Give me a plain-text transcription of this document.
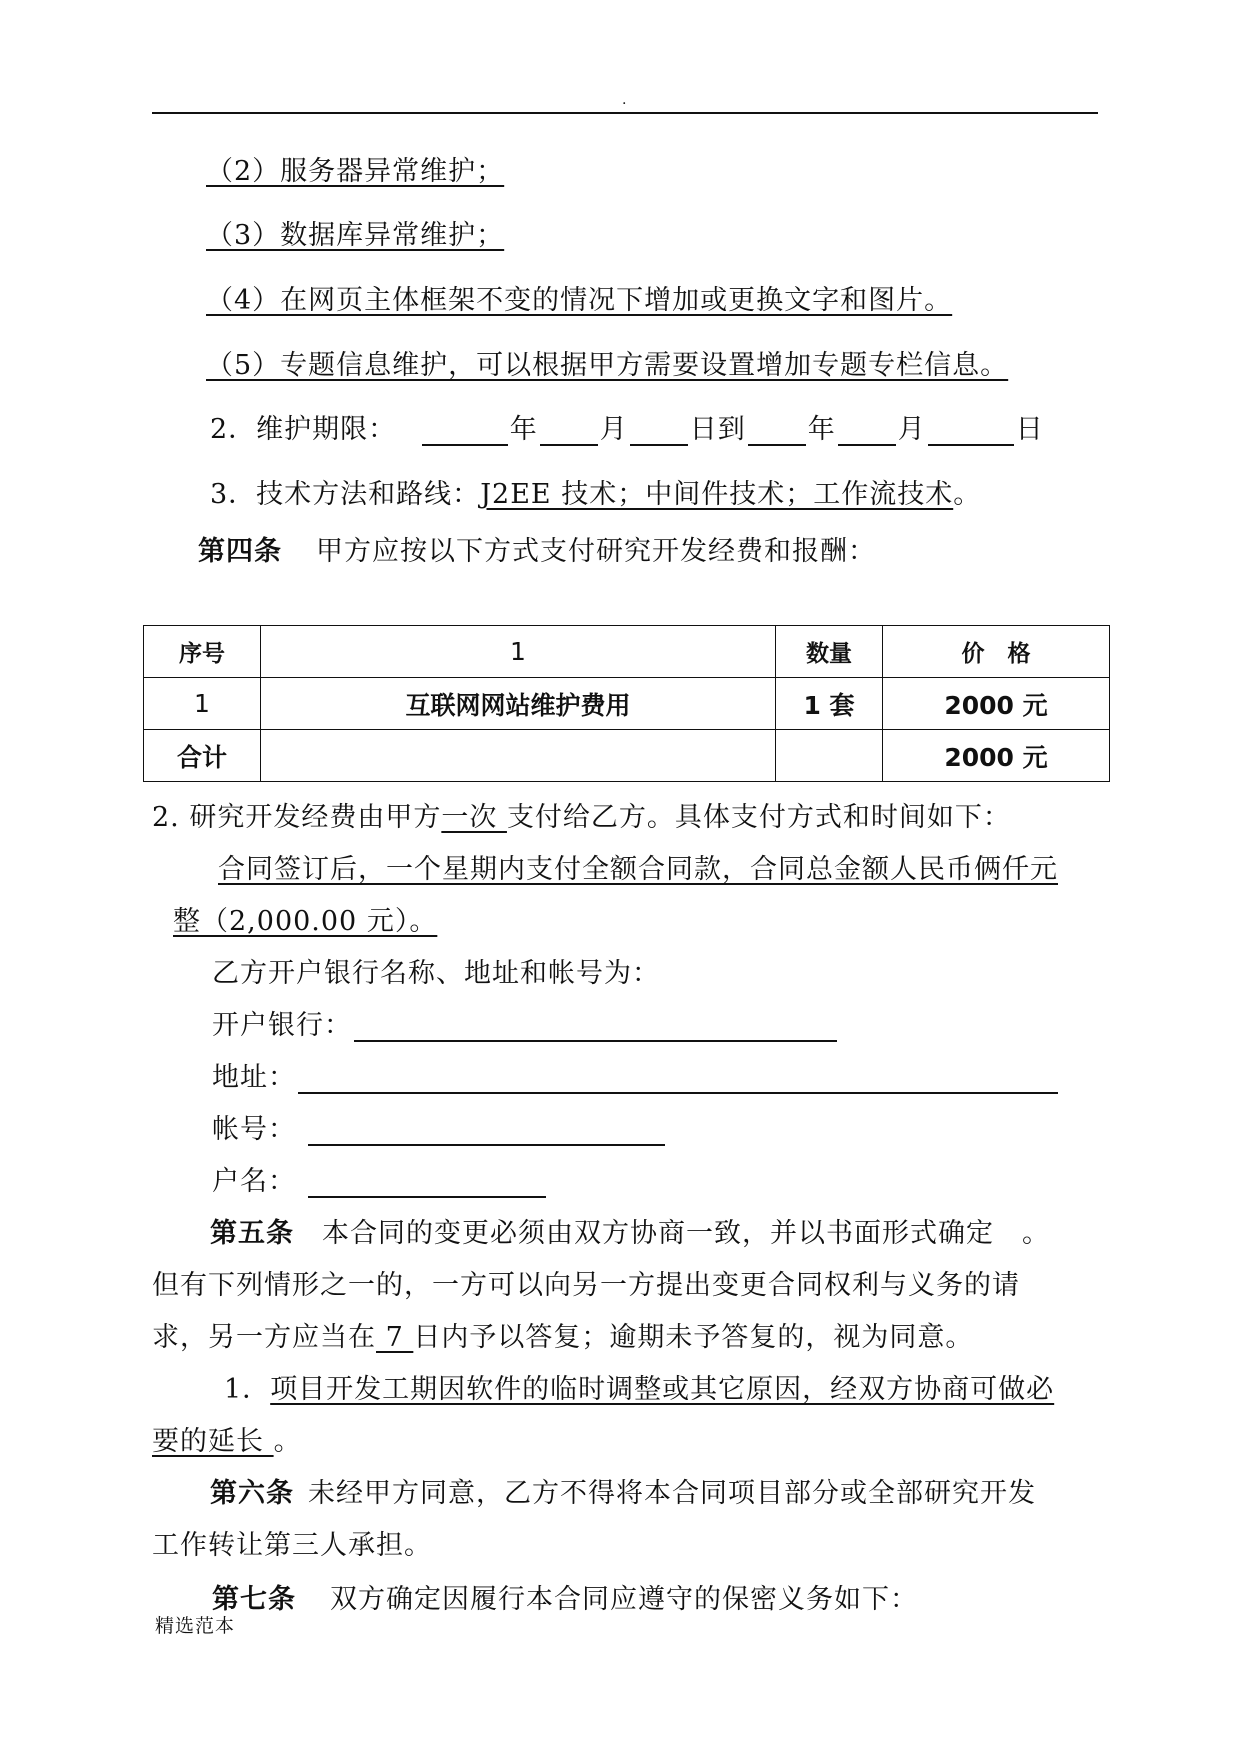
.
（2）服务器异常维护；
（3）数据库异常维护；
（4）在网页主体框架不变的情况下增加或更换文字和图片。
（5）专题信息维护，可以根据甲方需要设置增加专题专栏信息。
2．维护期限：	年 月 日到 年 月	日
3．技术方法和路线：J2EE 技术；中间件技术；工作流技术。
第四条 甲方应按以下方式支付研究开发经费和报酬：
序号	1	数量	价　格
1	互联网网站维护费用	1 套	2000 元
合计			2000 元
2. 研究开发经费由甲方一次 支付给乙方。具体支付方式和时间如下：
合同签订后，一个星期内支付全额合同款，合同总金额人民币俩仟元
整（2,000.00 元）。
乙方开户银行名称、地址和帐号为：
开户银行：
地址：
帐号：
户名：
第五条 本合同的变更必须由双方协商一致，并以书面形式确定　。
但有下列情形之一的，一方可以向另一方提出变更合同权利与义务的请
求，另一方应当在 7 日内予以答复；逾期未予答复的，视为同意。
1．项目开发工期因软件的临时调整或其它原因，经双方协商可做必
要的延长 。
第六条 未经甲方同意，乙方不得将本合同项目部分或全部研究开发
工作转让第三人承担。
第七条 双方确定因履行本合同应遵守的保密义务如下：
精选范本
